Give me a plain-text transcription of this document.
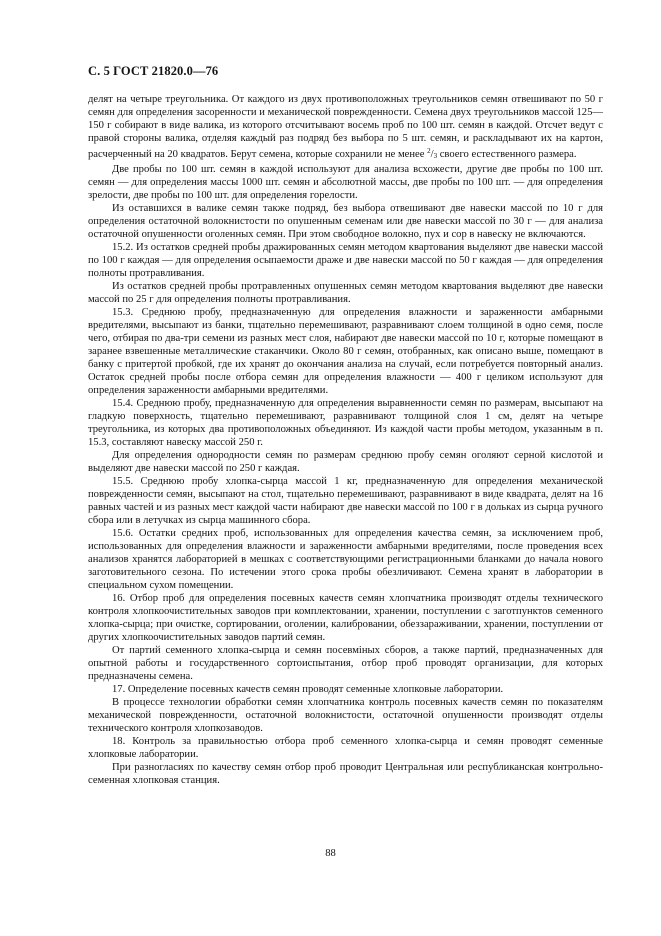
С. 5 ГОСТ 21820.0—76

делят на четыре треугольника. От каждого из двух противоположных треугольников семян отвешивают по 50 г семян для определения засоренности и механической поврежденности. Семена двух треугольников массой 125—150 г собирают в виде валика, из которого отсчитывают восемь проб по 100 шт. семян в каждой. Отсчет ведут с правой стороны валика, отделяя каждый раз подряд без выбора по 5 шт. семян, и раскладывают их на картон, расчерченный на 20 квадратов. Берут семена, которые сохранили не менее $^2/_3$ своего естественного размера.

Две пробы по 100 шт. семян в каждой используют для анализа всхожести, другие две пробы по 100 шт. семян — для определения массы 1000 шт. семян и абсолютной массы, две пробы по 100 шт. — для определения зрелости, две пробы по 100 шт. для определения горелости.

Из оставшихся в валике семян также подряд, без выбора отвешивают две навески массой по 10 г для определения остаточной волокнистости по опушенным семенам или две навески массой по 30 г — для анализа остаточной опушенности оголенных семян. При этом свободное волокно, пух и сор в навеску не включаются.

15.2. Из остатков средней пробы дражированных семян методом квартования выделяют две навески массой по 100 г каждая — для определения осыпаемости драже и две навески массой по 50 г каждая — для определения полноты протравливания.

Из остатков средней пробы протравленных опушенных семян методом квартования выделяют две навески массой по 25 г для определения полноты протравливания.

15.3. Среднюю пробу, предназначенную для определения влажности и зараженности амбарными вредителями, высыпают из банки, тщательно перемешивают, разравнивают слоем толщиной в одно семя, после чего, отбирая по два-три семени из разных мест слоя, набирают две навески массой по 10 г, которые помещают в заранее взвешенные металлические стаканчики. Около 80 г семян, отобранных, как описано выше, помещают в банку с притертой пробкой, где их хранят до окончания анализа на случай, если потребуется повторный анализ. Остаток средней пробы после отбора семян для определения влажности — 400 г целиком используют для определения зараженности амбарными вредителями.

15.4. Среднюю пробу, предназначенную для определения выравненности семян по размерам, высыпают на гладкую поверхность, тщательно перемешивают, разравнивают толщиной слоя 1 см, делят на четыре треугольника, из которых два противоположных объединяют. Из каждой части пробы методом, указанным в п. 15.3, составляют навеску массой 250 г.

Для определения однородности семян по размерам среднюю пробу семян оголяют серной кислотой и выделяют две навески массой по 250 г каждая.

15.5. Среднюю пробу хлопка-сырца массой 1 кг, предназначенную для определения механической поврежденности семян, высыпают на стол, тщательно перемешивают, разравнивают в виде квадрата, делят на 16 равных частей и из разных мест каждой части набирают две навески массой по 100 г в дольках из сырца ручного сбора или в летучках из сырца машинного сбора.

15.6. Остатки средних проб, использованных для определения качества семян, за исключением проб, использованных для определения влажности и зараженности амбарными вредителями, после проведения всех анализов хранятся лабораторией в мешках с соответствующими регистрационными бланками до начала нового заготовительного сезона. По истечении этого срока пробы обезличивают. Семена хранят в лаборатории в специальном сухом помещении.

16. Отбор проб для определения посевных качеств семян хлопчатника производят отделы технического контроля хлопкоочистительных заводов при комплектовании, хранении, поступлении с заготпунктов семенного хлопка-сырца; при очистке, сортировании, оголении, калибровании, обеззараживании, хранении, поступлении от других хлопкоочистительных заводов партий семян.

От партий семенного хлопка-сырца и семян посевміных сборов, а также партий, предназначенных для опытной работы и государственного сортоиспытания, отбор проб проводят организации, для которых предназначены семена.

17. Определение посевных качеств семян проводят семенные хлопковые лаборатории.

В процессе технологии обработки семян хлопчатника контроль посевных качеств семян по показателям механической поврежденности, остаточной волокнистости, остаточной опушенности производят отделы технического контроля хлопкозаводов.

18. Контроль за правильностью отбора проб семенного хлопка-сырца и семян проводят семенные хлопковые лаборатории.

При разногласиях по качеству семян отбор проб проводит Центральная или республиканская контрольно-семенная хлопковая станция.

88
